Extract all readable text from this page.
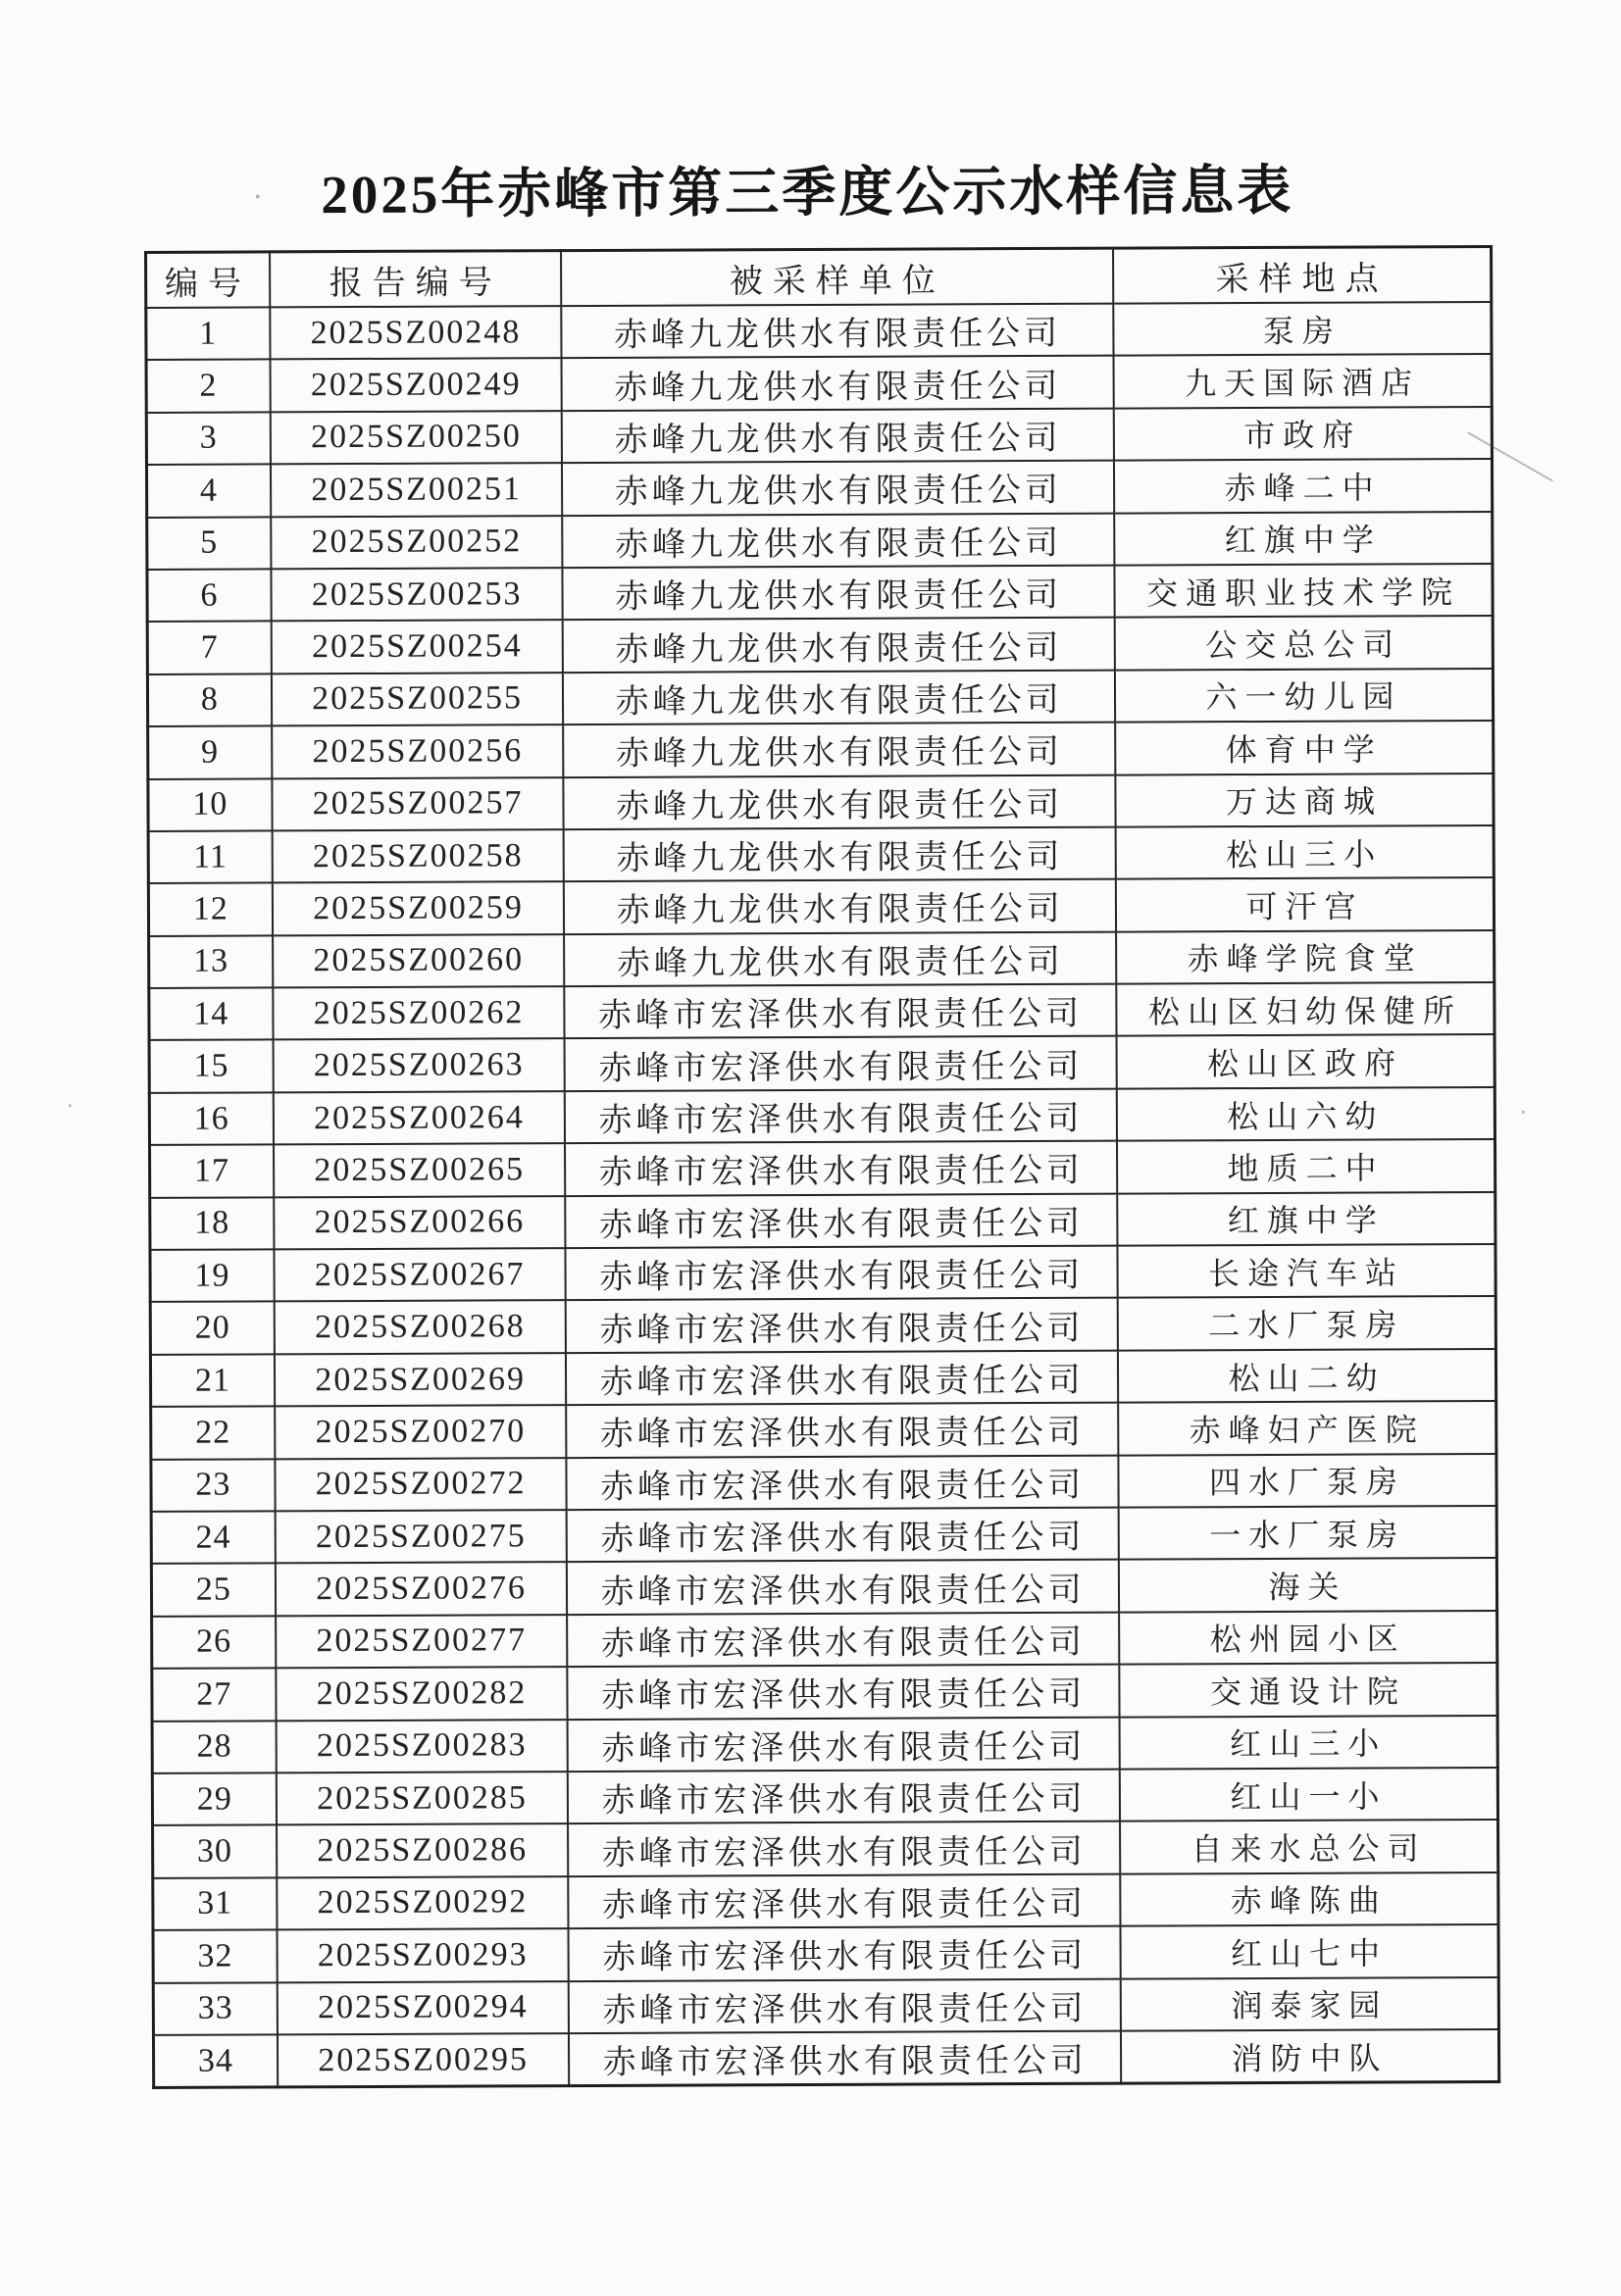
2025年赤峰市第三季度公示水样信息表
编号	报告编号	被采样单位	采样地点
1	2025SZ00248	赤峰九龙供水有限责任公司	泵房
2	2025SZ00249	赤峰九龙供水有限责任公司	九天国际酒店
3	2025SZ00250	赤峰九龙供水有限责任公司	市政府
4	2025SZ00251	赤峰九龙供水有限责任公司	赤峰二中
5	2025SZ00252	赤峰九龙供水有限责任公司	红旗中学
6	2025SZ00253	赤峰九龙供水有限责任公司	交通职业技术学院
7	2025SZ00254	赤峰九龙供水有限责任公司	公交总公司
8	2025SZ00255	赤峰九龙供水有限责任公司	六一幼儿园
9	2025SZ00256	赤峰九龙供水有限责任公司	体育中学
10	2025SZ00257	赤峰九龙供水有限责任公司	万达商城
11	2025SZ00258	赤峰九龙供水有限责任公司	松山三小
12	2025SZ00259	赤峰九龙供水有限责任公司	可汗宫
13	2025SZ00260	赤峰九龙供水有限责任公司	赤峰学院食堂
14	2025SZ00262	赤峰市宏泽供水有限责任公司	松山区妇幼保健所
15	2025SZ00263	赤峰市宏泽供水有限责任公司	松山区政府
16	2025SZ00264	赤峰市宏泽供水有限责任公司	松山六幼
17	2025SZ00265	赤峰市宏泽供水有限责任公司	地质二中
18	2025SZ00266	赤峰市宏泽供水有限责任公司	红旗中学
19	2025SZ00267	赤峰市宏泽供水有限责任公司	长途汽车站
20	2025SZ00268	赤峰市宏泽供水有限责任公司	二水厂泵房
21	2025SZ00269	赤峰市宏泽供水有限责任公司	松山二幼
22	2025SZ00270	赤峰市宏泽供水有限责任公司	赤峰妇产医院
23	2025SZ00272	赤峰市宏泽供水有限责任公司	四水厂泵房
24	2025SZ00275	赤峰市宏泽供水有限责任公司	一水厂泵房
25	2025SZ00276	赤峰市宏泽供水有限责任公司	海关
26	2025SZ00277	赤峰市宏泽供水有限责任公司	松州园小区
27	2025SZ00282	赤峰市宏泽供水有限责任公司	交通设计院
28	2025SZ00283	赤峰市宏泽供水有限责任公司	红山三小
29	2025SZ00285	赤峰市宏泽供水有限责任公司	红山一小
30	2025SZ00286	赤峰市宏泽供水有限责任公司	自来水总公司
31	2025SZ00292	赤峰市宏泽供水有限责任公司	赤峰陈曲
32	2025SZ00293	赤峰市宏泽供水有限责任公司	红山七中
33	2025SZ00294	赤峰市宏泽供水有限责任公司	润泰家园
34	2025SZ00295	赤峰市宏泽供水有限责任公司	消防中队
